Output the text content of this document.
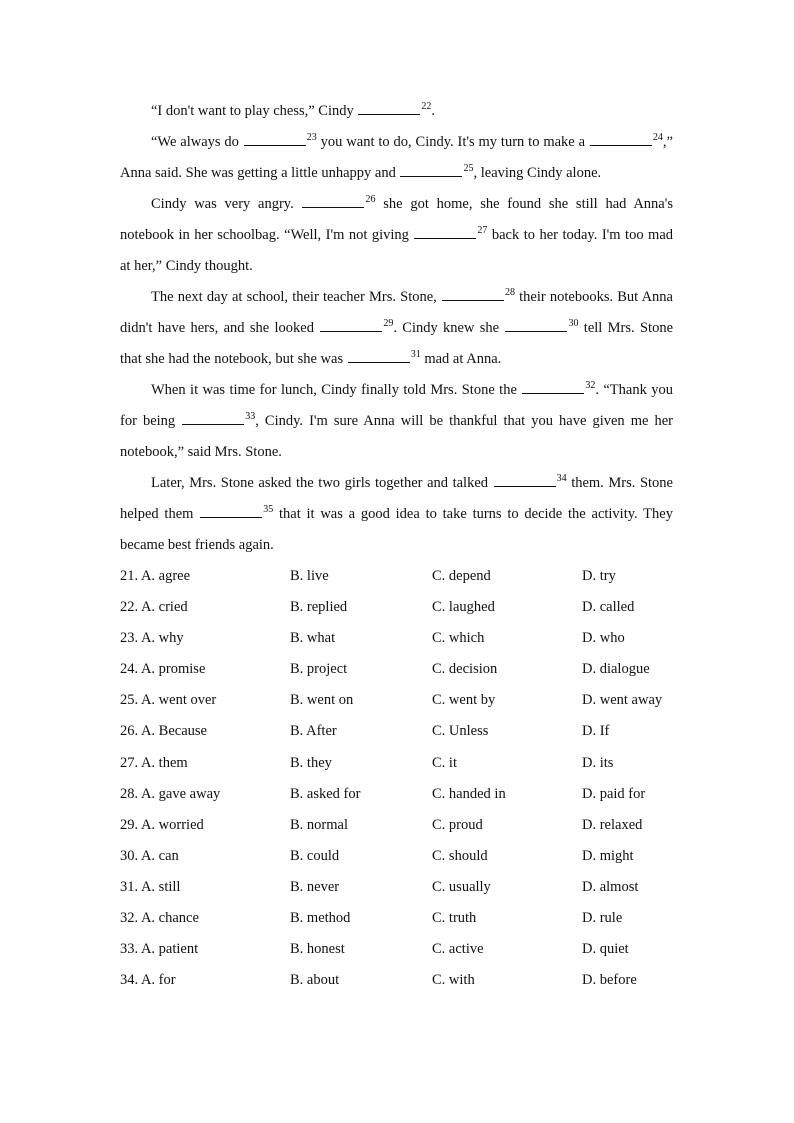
“I don't want to play chess,” Cindy	$^{22}$.

“We always do	$^{23}$ you want to do, Cindy. It's my turn to make a	$^{24}$,” Anna said. She was getting a little unhappy and	$^{25}$, leaving Cindy alone.

Cindy was very angry.	$^{26}$ she got home, she found she still had Anna's notebook in her schoolbag. “Well, I'm not giving	$^{27}$ back to her today. I'm too mad at her,” Cindy thought.

The next day at school, their teacher Mrs. Stone,	$^{28}$ their notebooks. But Anna didn't have hers, and she looked	$^{29}$. Cindy knew she	$^{30}$ tell Mrs. Stone that she had the notebook, but she was	$^{31}$ mad at Anna.

When it was time for lunch, Cindy finally told Mrs. Stone the	$^{32}$. “Thank you for being	$^{33}$, Cindy. I'm sure Anna will be thankful that you have given me her notebook,” said Mrs. Stone.

Later, Mrs. Stone asked the two girls together and talked	$^{34}$ them. Mrs. Stone helped them	$^{35}$ that it was a good idea to take turns to decide the activity. They became best friends again.

21. A. agree	B. live	C. depend	D. try
22. A. cried	B. replied	C. laughed	D. called
23. A. why	B. what	C. which	D. who
24. A. promise	B. project	C. decision	D. dialogue
25. A. went over	B. went on	C. went by	D. went away
26. A. Because	B. After	C. Unless	D. If
27. A. them	B. they	C. it	D. its
28. A. gave away	B. asked for	C. handed in	D. paid for
29. A. worried	B. normal	C. proud	D. relaxed
30. A. can	B. could	C. should	D. might
31. A. still	B. never	C. usually	D. almost
32. A. chance	B. method	C. truth	D. rule
33. A. patient	B. honest	C. active	D. quiet
34. A. for	B. about	C. with	D. before
